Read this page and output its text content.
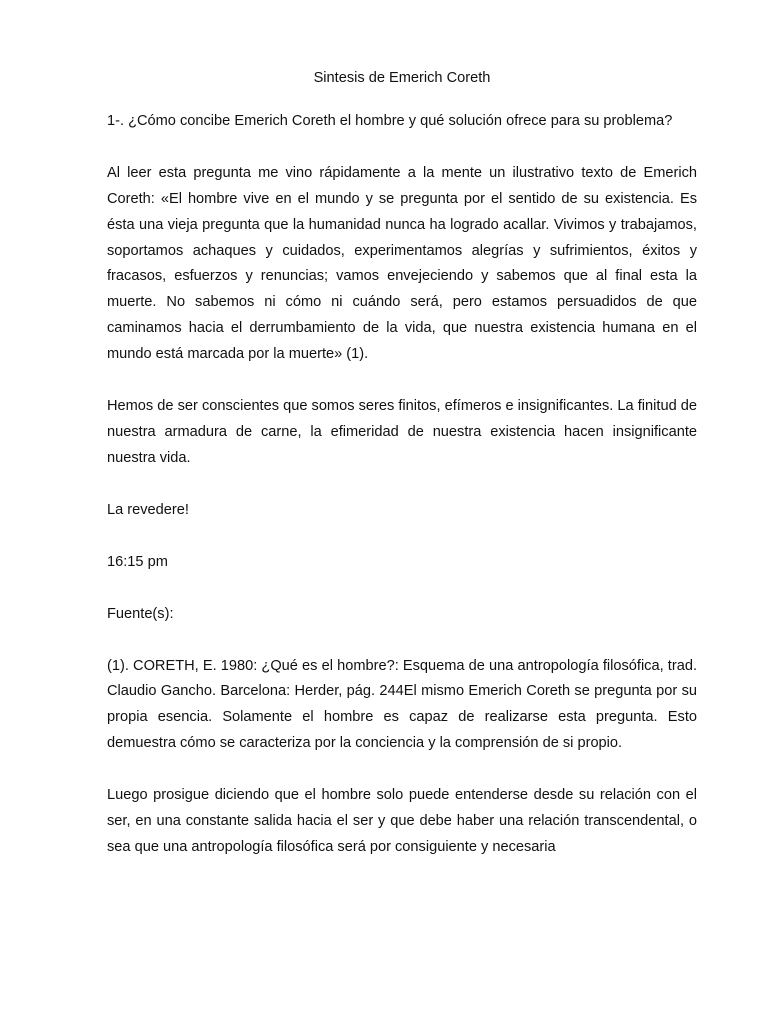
Sintesis de Emerich Coreth

1-. ¿Cómo concibe Emerich Coreth el hombre y qué solución ofrece para su problema?

Al leer esta pregunta me vino rápidamente a la mente un ilustrativo texto de Emerich Coreth: «El hombre vive en el mundo y se pregunta por el sentido de su existencia. Es ésta una vieja pregunta que la humanidad nunca ha logrado acallar. Vivimos y trabajamos, soportamos achaques y cuidados, experimentamos alegrías y sufrimientos, éxitos y fracasos, esfuerzos y renuncias; vamos envejeciendo y sabemos que al final esta la muerte. No sabemos ni cómo ni cuándo será, pero estamos persuadidos de que caminamos hacia el derrumbamiento de la vida, que nuestra existencia humana en el mundo está marcada por la muerte» (1).

Hemos de ser conscientes que somos seres finitos, efímeros e insignificantes. La finitud de nuestra armadura de carne, la efimeridad de nuestra existencia hacen insignificante nuestra vida.

La revedere!

16:15 pm

Fuente(s):

(1). CORETH, E. 1980: ¿Qué es el hombre?: Esquema de una antropología filosófica, trad. Claudio Gancho. Barcelona: Herder, pág. 244El mismo Emerich Coreth se pregunta por su propia esencia. Solamente el hombre es capaz de realizarse esta pregunta. Esto demuestra cómo se caracteriza por la conciencia y la comprensión de si propio.

Luego prosigue diciendo que el hombre solo puede entenderse desde su relación con el ser, en una constante salida hacia el ser y que debe haber una relación transcendental, o sea que una antropología filosófica será por consiguiente y necesaria
